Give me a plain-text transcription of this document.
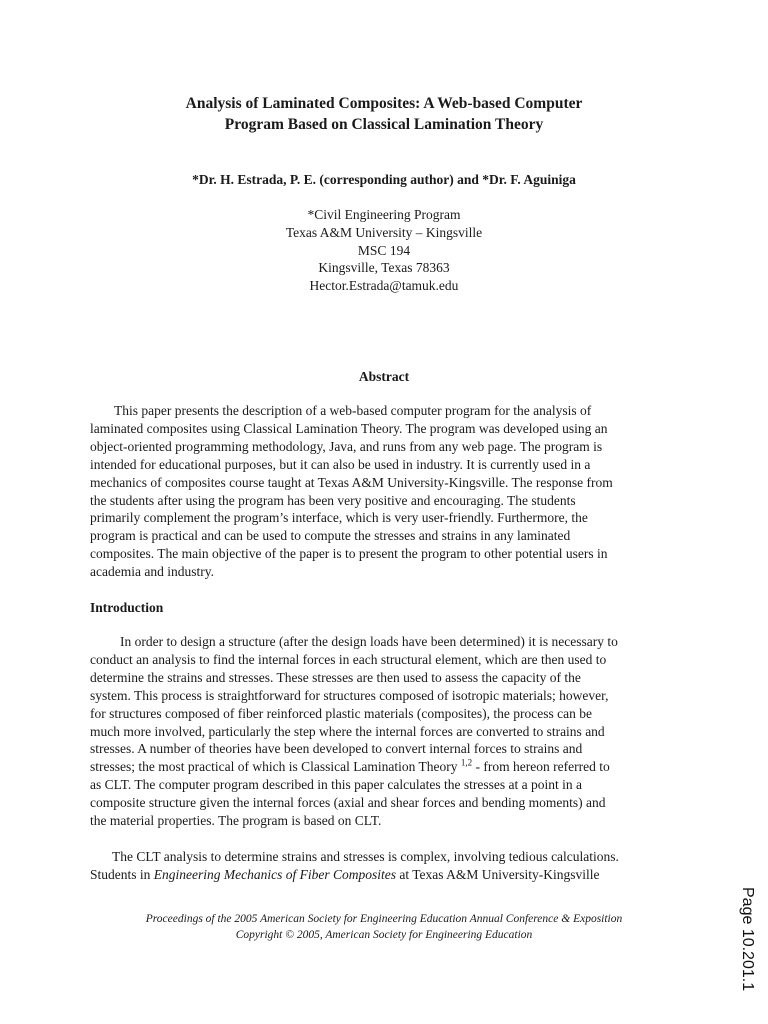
Analysis of Laminated Composites: A Web-based Computer
Program Based on Classical Lamination Theory
*Dr. H. Estrada, P. E. (corresponding author) and *Dr. F. Aguiniga
*Civil Engineering Program
Texas A&M University – Kingsville
MSC 194
Kingsville, Texas 78363
Hector.Estrada@tamuk.edu
Abstract
This paper presents the description of a web-based computer program for the analysis of
laminated composites using Classical Lamination Theory. The program was developed using an
object-oriented programming methodology, Java, and runs from any web page. The program is
intended for educational purposes, but it can also be used in industry. It is currently used in a
mechanics of composites course taught at Texas A&M University-Kingsville. The response from
the students after using the program has been very positive and encouraging. The students
primarily complement the program’s interface, which is very user-friendly. Furthermore, the
program is practical and can be used to compute the stresses and strains in any laminated
composites. The main objective of the paper is to present the program to other potential users in
academia and industry.
Introduction
In order to design a structure (after the design loads have been determined) it is necessary to
conduct an analysis to find the internal forces in each structural element, which are then used to
determine the strains and stresses. These stresses are then used to assess the capacity of the
system. This process is straightforward for structures composed of isotropic materials; however,
for structures composed of fiber reinforced plastic materials (composites), the process can be
much more involved, particularly the step where the internal forces are converted to strains and
stresses. A number of theories have been developed to convert internal forces to strains and
stresses; the most practical of which is Classical Lamination Theory $^{1,2}$ - from hereon referred to
as CLT. The computer program described in this paper calculates the stresses at a point in a
composite structure given the internal forces (axial and shear forces and bending moments) and
the material properties. The program is based on CLT.
The CLT analysis to determine strains and stresses is complex, involving tedious calculations.
Students in Engineering Mechanics of Fiber Composites at Texas A&M University-Kingsville
Proceedings of the 2005 American Society for Engineering Education Annual Conference & Exposition
Copyright © 2005, American Society for Engineering Education	Page 10.201.1
